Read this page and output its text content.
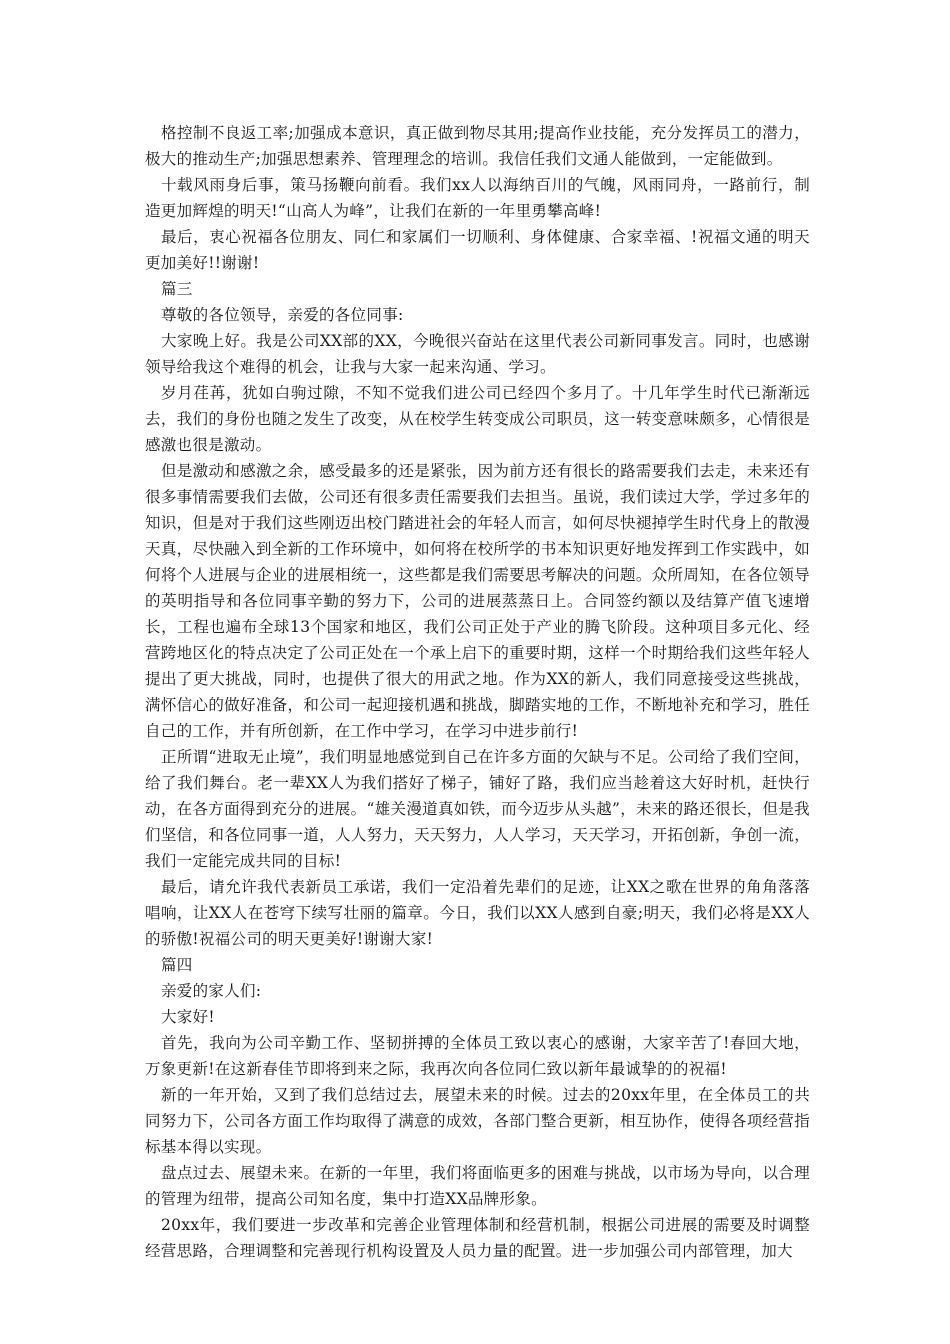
格控制不良返工率;加强成本意识，真正做到物尽其用;提高作业技能，充分发挥员工的潜力，极大的推动生产;加强思想素养、管理理念的培训。我信任我们文通人能做到，一定能做到。

十载风雨身后事，策马扬鞭向前看。我们xx人以海纳百川的气魄，风雨同舟，一路前行，制造更加辉煌的明天!“山高人为峰”，让我们在新的一年里勇攀高峰!

最后，衷心祝福各位朋友、同仁和家属们一切顺利、身体健康、合家幸福、!祝福文通的明天更加美好!!谢谢!

篇三

尊敬的各位领导，亲爱的各位同事:

大家晚上好。我是公司XX部的XX，今晚很兴奋站在这里代表公司新同事发言。同时，也感谢领导给我这个难得的机会，让我与大家一起来沟通、学习。

岁月荏苒，犹如白驹过隙，不知不觉我们进公司已经四个多月了。十几年学生时代已渐渐远去，我们的身份也随之发生了改变，从在校学生转变成公司职员，这一转变意味颇多，心情很是感激也很是激动。

但是激动和感激之余，感受最多的还是紧张，因为前方还有很长的路需要我们去走，未来还有很多事情需要我们去做，公司还有很多责任需要我们去担当。虽说，我们读过大学，学过多年的知识，但是对于我们这些刚迈出校门踏进社会的年轻人而言，如何尽快褪掉学生时代身上的散漫天真，尽快融入到全新的工作环境中，如何将在校所学的书本知识更好地发挥到工作实践中，如何将个人进展与企业的进展相统一，这些都是我们需要思考解决的问题。众所周知，在各位领导的英明指导和各位同事辛勤的努力下，公司的进展蒸蒸日上。合同签约额以及结算产值飞速增长，工程也遍布全球13个国家和地区，我们公司正处于产业的腾飞阶段。这种项目多元化、经营跨地区化的特点决定了公司正处在一个承上启下的重要时期，这样一个时期给我们这些年轻人提出了更大挑战，同时，也提供了很大的用武之地。作为XX的新人，我们同意接受这些挑战，满怀信心的做好准备，和公司一起迎接机遇和挑战，脚踏实地的工作，不断地补充和学习，胜任自己的工作，并有所创新，在工作中学习，在学习中进步前行!

正所谓“进取无止境”，我们明显地感觉到自己在许多方面的欠缺与不足。公司给了我们空间，给了我们舞台。老一辈XX人为我们搭好了梯子，铺好了路，我们应当趁着这大好时机，赶快行动，在各方面得到充分的进展。“雄关漫道真如铁，而今迈步从头越”，未来的路还很长，但是我们坚信，和各位同事一道，人人努力，天天努力，人人学习，天天学习，开拓创新，争创一流，我们一定能完成共同的目标!

最后，请允许我代表新员工承诺，我们一定沿着先辈们的足迹，让XX之歌在世界的角角落落唱响，让XX人在苍穹下续写壮丽的篇章。今日，我们以XX人感到自豪;明天，我们必将是XX人的骄傲!祝福公司的明天更美好!谢谢大家!

篇四

亲爱的家人们:

大家好!

首先，我向为公司辛勤工作、坚韧拼搏的全体员工致以衷心的感谢，大家辛苦了!春回大地，万象更新!在这新春佳节即将到来之际，我再次向各位同仁致以新年最诚挚的的祝福!

新的一年开始，又到了我们总结过去，展望未来的时候。过去的20xx年里，在全体员工的共同努力下，公司各方面工作均取得了满意的成效，各部门整合更新，相互协作，使得各项经营指标基本得以实现。

盘点过去、展望未来。在新的一年里，我们将面临更多的困难与挑战，以市场为导向，以合理的管理为纽带，提高公司知名度，集中打造XX品牌形象。

20xx年，我们要进一步改革和完善企业管理体制和经营机制，根据公司进展的需要及时调整经营思路，合理调整和完善现行机构设置及人员力量的配置。进一步加强公司内部管理，加大
